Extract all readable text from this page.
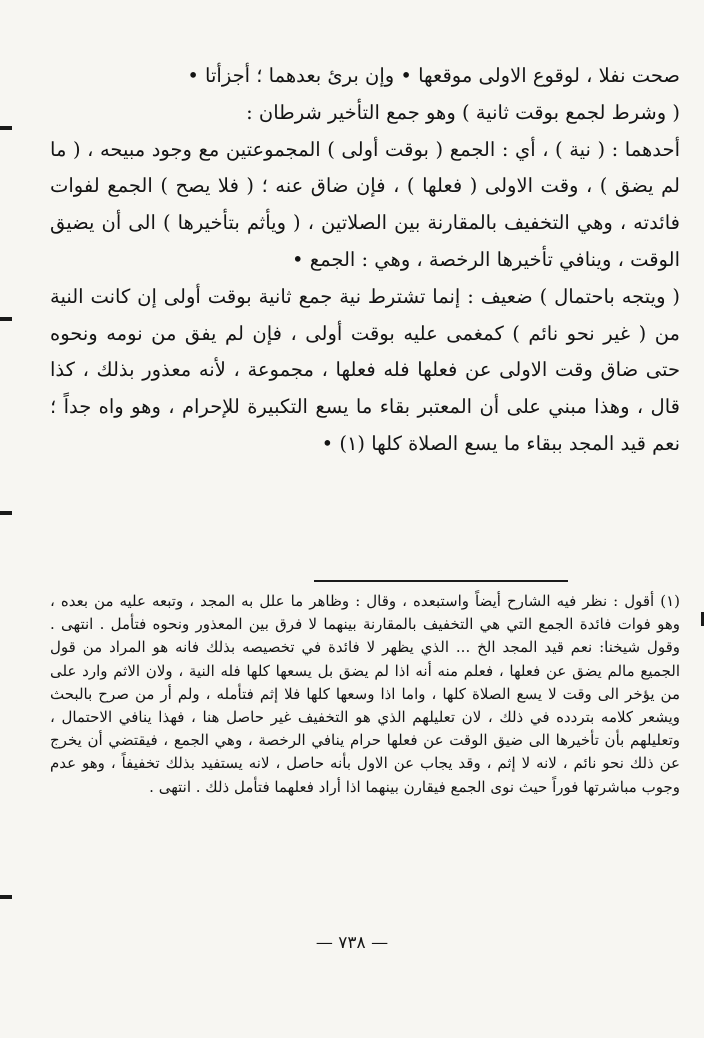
صحت نفلا ، لوقوع الاولى موقعها • وإن برئ بعدهما ؛ أجزأتا •

( وشرط لجمع بوقت ثانية ) وهو جمع التأخير شرطان :

أحدهما : ( نية ) ، أي : الجمع ( بوقت أولى ) المجموعتين مع وجود مبيحه ، ( ما لم يضق ) ، وقت الاولى ( فعلها ) ، فإن ضاق عنه ؛ ( فلا يصح ) الجمع لفوات فائدته ، وهي التخفيف بالمقارنة بين الصلاتين ، ( ويأثم بتأخيرها ) الى أن يضيق الوقت ، وينافي تأخيرها الرخصة ، وهي : الجمع •

( ويتجه باحتمال ) ضعيف : إنما تشترط نية جمع ثانية بوقت أولى إن كانت النية من ( غير نحو نائم ) كمغمى عليه بوقت أولى ، فإن لم يفق من نومه ونحوه حتى ضاق وقت الاولى عن فعلها فله فعلها ، مجموعة ، لأنه معذور بذلك ، كذا قال ، وهذا مبني على أن المعتبر بقاء ما يسع التكبيرة للإحرام ، وهو واه جداً ؛ نعم قيد المجد ببقاء ما يسع الصلاة كلها (١) •

(١) أقول : نظر فيه الشارح أيضاً واستبعده ، وقال : وظاهر ما علل به المجد ، وتبعه عليه من بعده ، وهو فوات فائدة الجمع التي هي التخفيف بالمقارنة بينهما لا فرق بين المعذور ونحوه فتأمل . انتهى . وقول شيخنا: نعم قيد المجد الخ ... الذي يظهر لا فائدة في تخصيصه بذلك فانه هو المراد من قول الجميع مالم يضق عن فعلها ، فعلم منه أنه اذا لم يضق بل يسعها كلها فله النية ، ولان الاثم وارد على من يؤخر الى وقت لا يسع الصلاة كلها ، واما اذا وسعها كلها فلا إثم فتأمله ، ولم أر من صرح بالبحث ويشعر كلامه بتردده في ذلك ، لان تعليلهم الذي هو التخفيف غير حاصل هنا ، فهذا ينافي الاحتمال ، وتعليلهم بأن تأخيرها الى ضيق الوقت عن فعلها حرام ينافي الرخصة ، وهي الجمع ، فيقتضي أن يخرج عن ذلك نحو نائم ، لانه لا إثم ، وقد يجاب عن الاول بأنه حاصل ، لانه يستفيد بذلك تخفيفاً ، وهو عدم وجوب مباشرتها فوراً حيث نوى الجمع فيقارن بينهما اذا أراد فعلهما فتأمل ذلك . انتهى .

— ٧٣٨ —
